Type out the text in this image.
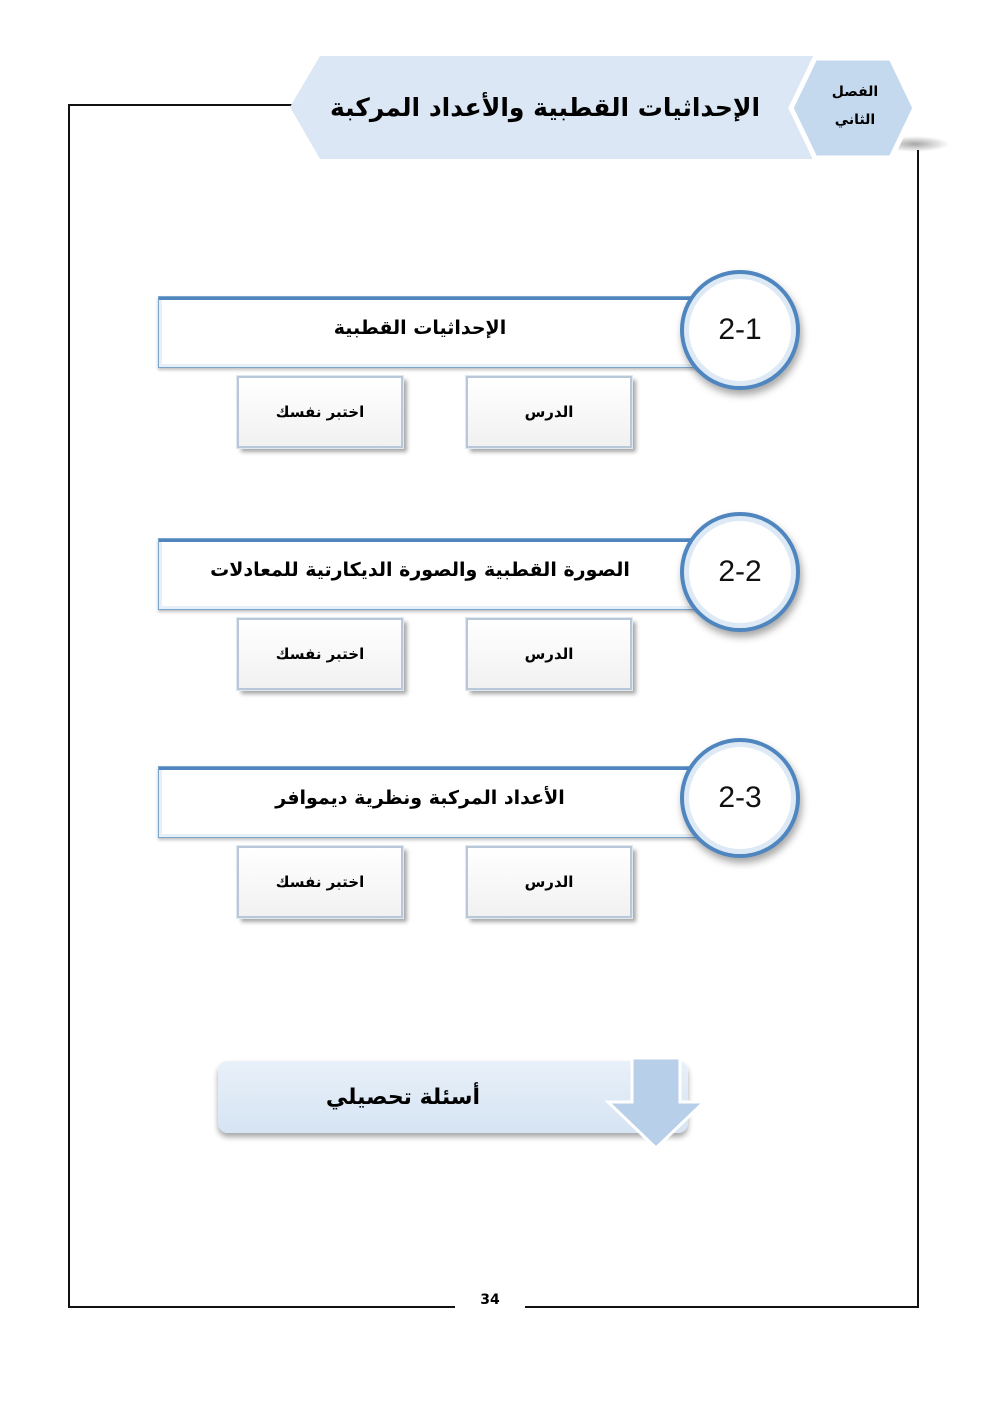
34
الإحداثيات القطبية والأعداد المركبة
الفصل
الثاني
الإحداثيات القطبية	2-1
الدرس
اختبر نفسك
الصورة القطبية والصورة الديكارتية للمعادلات	2-2
الدرس
اختبر نفسك
الأعداد المركبة ونظرية ديموافر	2-3
الدرس
اختبر نفسك
أسئلة تحصيلي
